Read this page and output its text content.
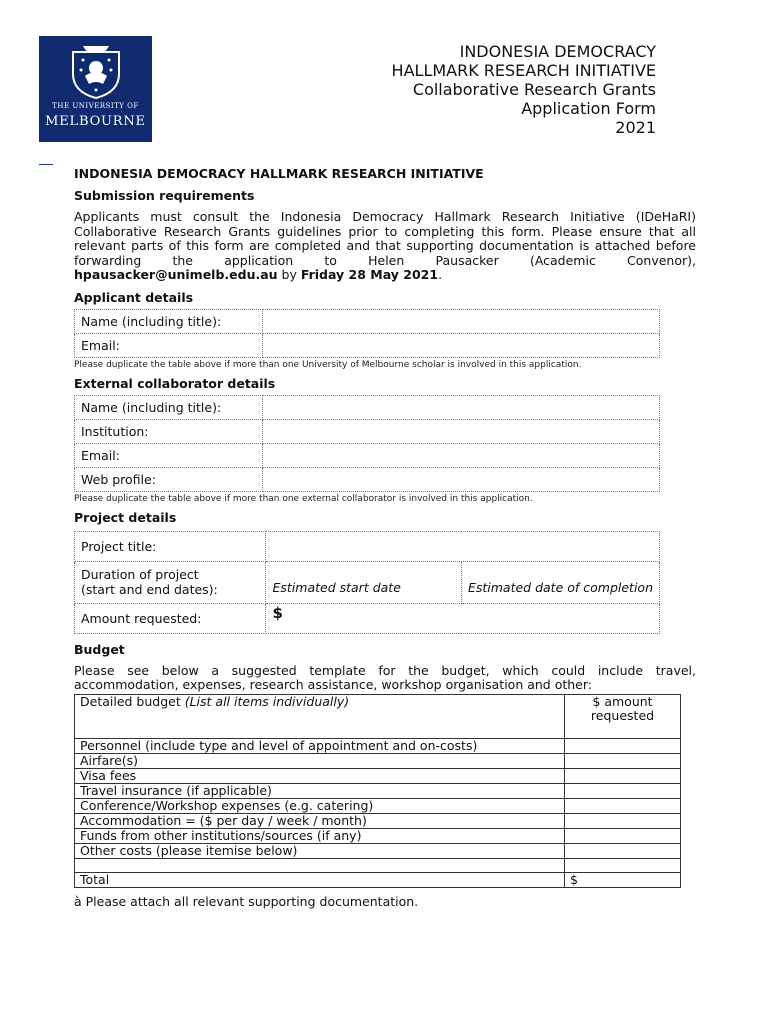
THE UNIVERSITY OF
MELBOURNE
INDONESIA DEMOCRACY
HALLMARK RESEARCH INITIATIVE
Collaborative Research Grants
Application Form
2021

INDONESIA DEMOCRACY HALLMARK RESEARCH INITIATIVE

Submission requirements

Applicants must consult the Indonesia Democracy Hallmark Research Initiative (IDeHaRI) Collaborative Research Grants guidelines prior to completing this form. Please ensure that all relevant parts of this form are completed and that supporting documentation is attached before forwarding the application to Helen Pausacker (Academic Convenor), hpausacker@unimelb.edu.au by Friday 28 May 2021.

Applicant details

Name (including title):	
Email:	

Please duplicate the table above if more than one University of Melbourne scholar is involved in this application.

External collaborator details

Name (including title):	
Institution:	
Email:	
Web profile:	

Please duplicate the table above if more than one external collaborator is involved in this application.

Project details

Project title:		

Duration of project
(start and end dates):	Estimated start date	Estimated date of completion
Amount requested:	$	

Budget

Please see below a suggested template for the budget, which could include travel, accommodation, expenses, research assistance, workshop organisation and other:

Detailed budget (List all items individually)	$ amount
requested

Personnel (include type and level of appointment and on-costs)	
Airfare(s)	
Visa fees	
Travel insurance (if applicable)	
Conference/Workshop expenses (e.g. catering)	
Accommodation = ($ per day / week / month)	
Funds from other institutions/sources (if any)	
Other costs (please itemise below)	

Total	$

à Please attach all relevant supporting documentation.
